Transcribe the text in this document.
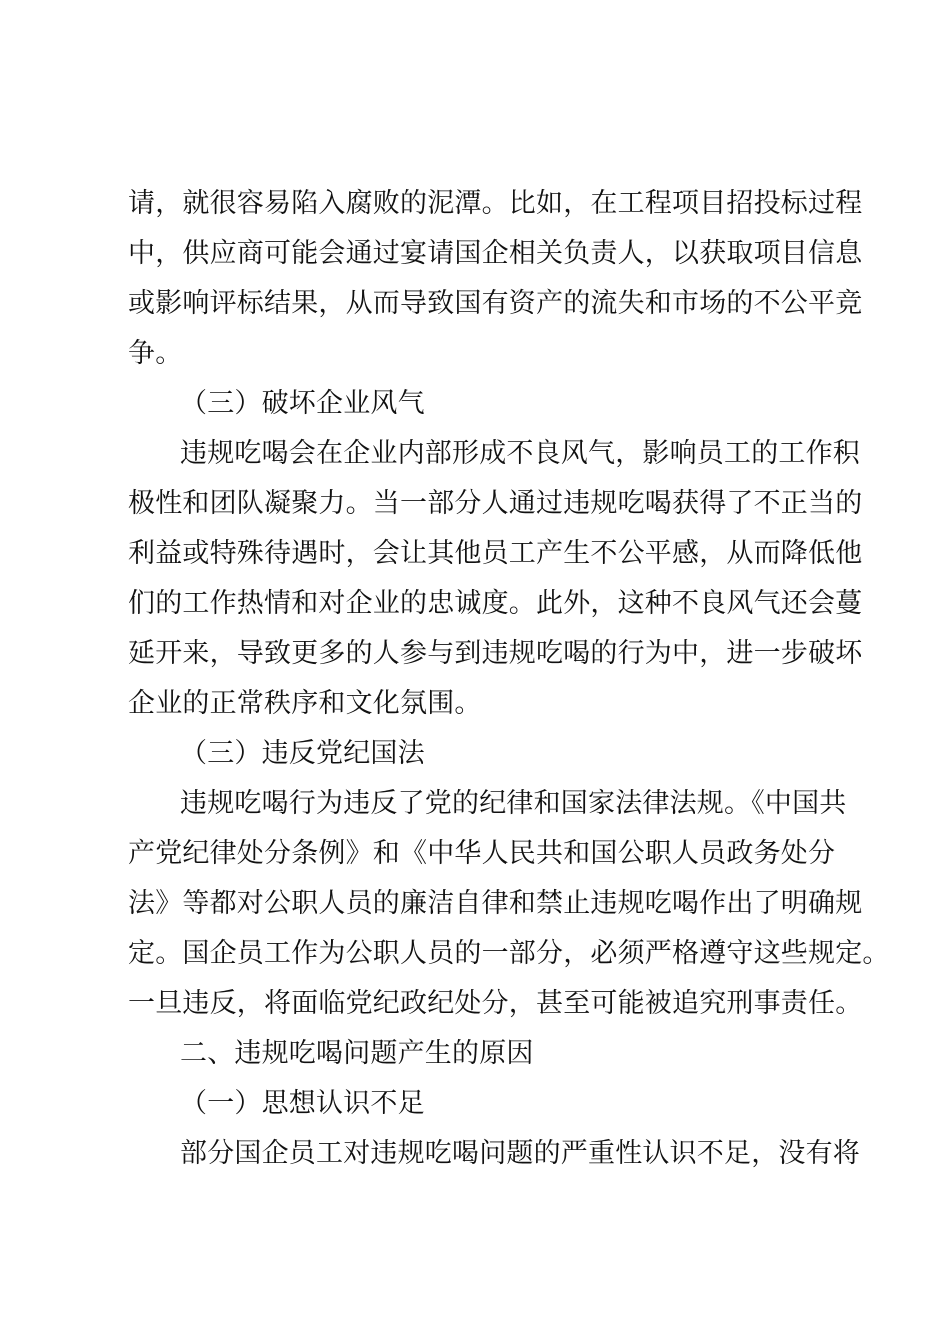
请，就很容易陷入腐败的泥潭。比如，在工程项目招投标过程

中，供应商可能会通过宴请国企相关负责人，以获取项目信息

或影响评标结果，从而导致国有资产的流失和市场的不公平竞

争。

（三）破坏企业风气

违规吃喝会在企业内部形成不良风气，影响员工的工作积

极性和团队凝聚力。当一部分人通过违规吃喝获得了不正当的

利益或特殊待遇时，会让其他员工产生不公平感，从而降低他

们的工作热情和对企业的忠诚度。此外，这种不良风气还会蔓

延开来，导致更多的人参与到违规吃喝的行为中，进一步破坏

企业的正常秩序和文化氛围。

（三）违反党纪国法

违规吃喝行为违反了党的纪律和国家法律法规。《中国共

产党纪律处分条例》和《中华人民共和国公职人员政务处分

法》等都对公职人员的廉洁自律和禁止违规吃喝作出了明确规

定。国企员工作为公职人员的一部分，必须严格遵守这些规定。

一旦违反，将面临党纪政纪处分，甚至可能被追究刑事责任。

二、违规吃喝问题产生的原因

（一）思想认识不足

部分国企员工对违规吃喝问题的严重性认识不足，没有将
